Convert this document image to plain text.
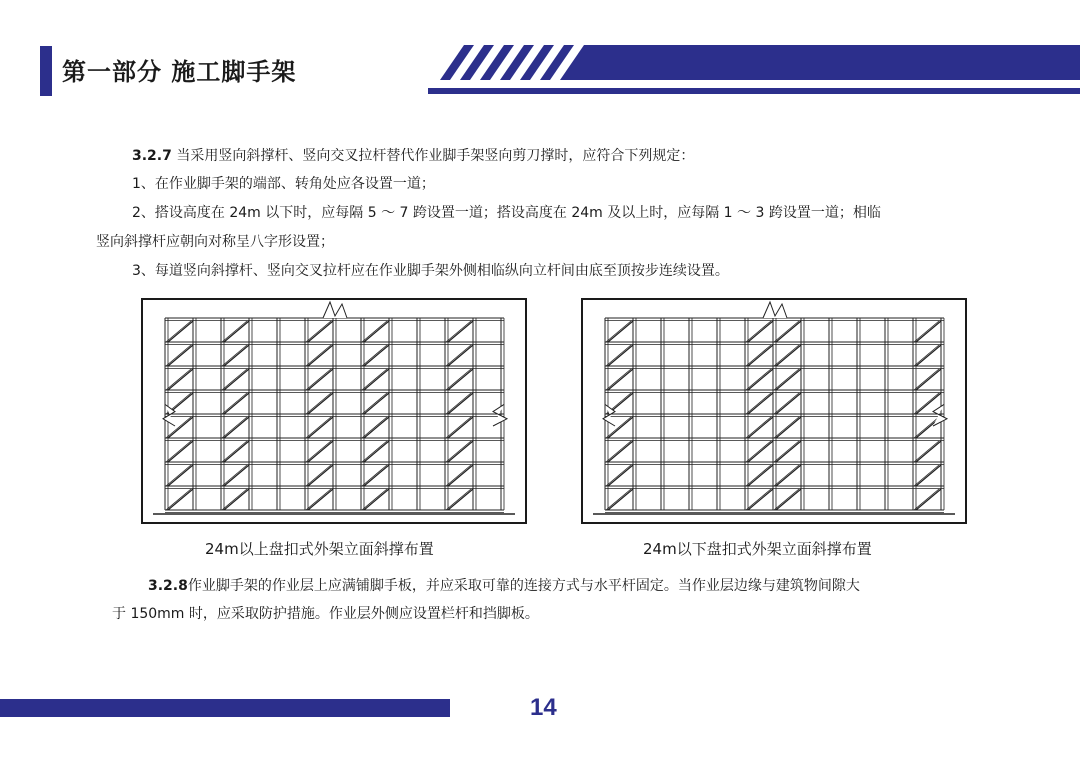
第一部分 施工脚手架
3.2.7 当采用竖向斜撑杆、竖向交叉拉杆替代作业脚手架竖向剪刀撑时，应符合下列规定：
1、在作业脚手架的端部、转角处应各设置一道；
2、搭设高度在 24m 以下时，应每隔 5 ～ 7 跨设置一道；搭设高度在 24m 及以上时，应每隔 1 ～ 3 跨设置一道；相临
竖向斜撑杆应朝向对称呈八字形设置；
3、每道竖向斜撑杆、竖向交叉拉杆应在作业脚手架外侧相临纵向立杆间由底至顶按步连续设置。
24m以上盘扣式外架立面斜撑布置	24m以下盘扣式外架立面斜撑布置
3.2.8作业脚手架的作业层上应满铺脚手板，并应采取可靠的连接方式与水平杆固定。当作业层边缘与建筑物间隙大
于 150mm 时，应采取防护措施。作业层外侧应设置栏杆和挡脚板。
14
